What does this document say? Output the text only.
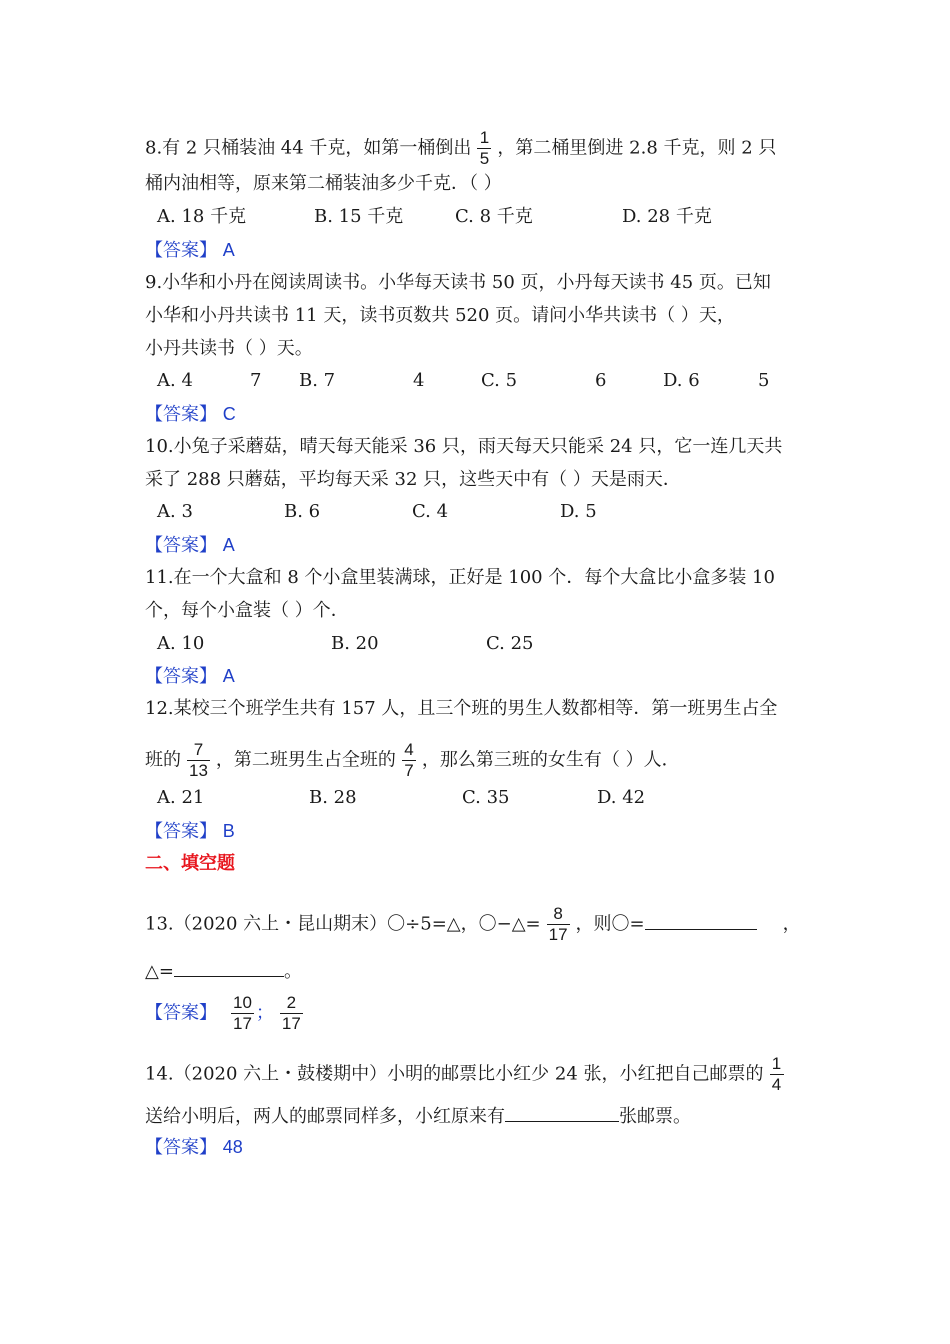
8.有 2 只桶装油 44 千克，如第一桶倒出 $\frac{1}{5}$ ，第二桶里倒进 2.8 千克，则 2 只
桶内油相等，原来第二桶装油多少千克．（ ）
A. 18 千克	B. 15 千克	C. 8 千克	D. 28 千克
【答案】 A
9.小华和小丹在阅读周读书。小华每天读书 50 页，小丹每天读书 45 页。已知
小华和小丹共读书 11 天，读书页数共 520 页。请问小华共读书（ ）天，
小丹共读书（ ）天。
A. 4	7 B. 7	4	C. 5	6	D. 6	5
【答案】 C
10.小兔子采蘑菇，晴天每天能采 36 只，雨天每天只能采 24 只，它一连几天共
采了 288 只蘑菇，平均每天采 32 只，这些天中有（ ）天是雨天．
A. 3	B. 6	C. 4	D. 5
【答案】 A
11.在一个大盒和 8 个小盒里装满球，正好是 100 个．每个大盒比小盒多装 10
个，每个小盒装（ ）个．
A. 10	B. 20	C. 25
【答案】 A
12.某校三个班学生共有 157 人，且三个班的男生人数都相等．第一班男生占全
班的 $\frac{7}{13}$ ，第二班男生占全班的 $\frac{4}{7}$ ，那么第三班的女生有（ ）人．
A. 21	B. 28	C. 35	D. 42
【答案】 B
二、填空题
13.（2020 六上・昆山期末）〇÷5=△，〇−△= $\frac{8}{17}$ ，则〇=	，
△=	。
【答案】 $\frac{10}{17}$ ； $\frac{2}{17}$
14.（2020 六上・鼓楼期中）小明的邮票比小红少 24 张，小红把自己邮票的 $\frac{1}{4}$
送给小明后，两人的邮票同样多，小红原来有	张邮票。
【答案】 48
